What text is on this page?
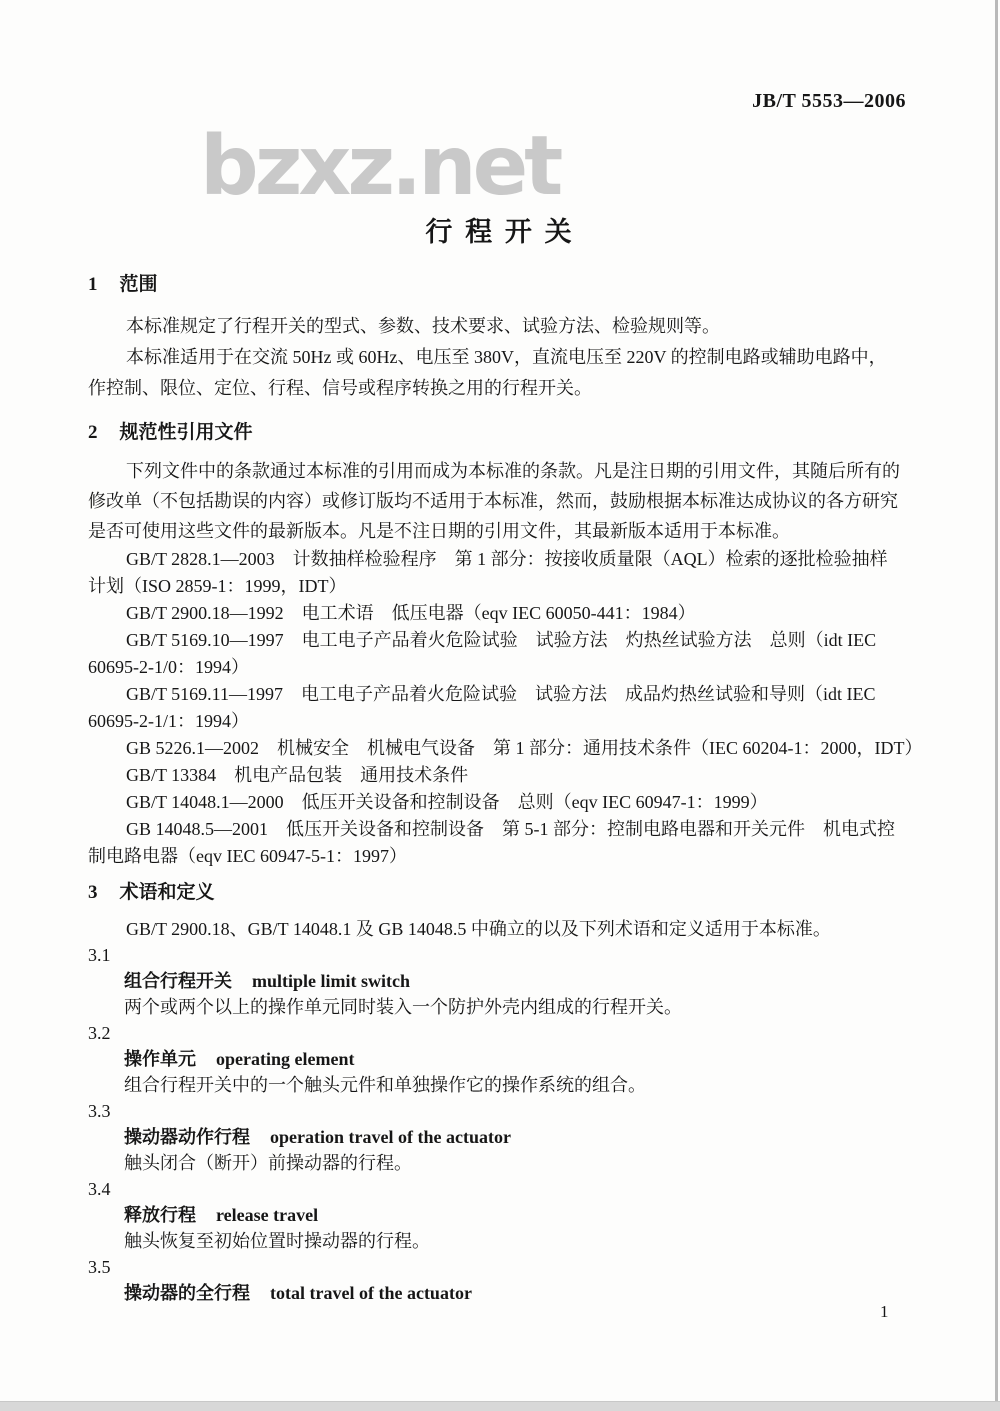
JB/T 5553—2006
bzxz.net
行 程 开 关
1 范围
本标准规定了行程开关的型式、参数、技术要求、试验方法、检验规则等。
本标准适用于在交流 50Hz 或 60Hz、电压至 380V，直流电压至 220V 的控制电路或辅助电路中，
作控制、限位、定位、行程、信号或程序转换之用的行程开关。
2 规范性引用文件
下列文件中的条款通过本标准的引用而成为本标准的条款。凡是注日期的引用文件，其随后所有的
修改单（不包括勘误的内容）或修订版均不适用于本标准，然而，鼓励根据本标准达成协议的各方研究
是否可使用这些文件的最新版本。凡是不注日期的引用文件，其最新版本适用于本标准。
GB/T 2828.1—2003　计数抽样检验程序　第 1 部分：按接收质量限（AQL）检索的逐批检验抽样
计划（ISO 2859-1：1999，IDT）
GB/T 2900.18—1992　电工术语　低压电器（eqv IEC 60050-441：1984）
GB/T 5169.10—1997　电工电子产品着火危险试验　试验方法　灼热丝试验方法　总则（idt IEC
60695-2-1/0：1994）
GB/T 5169.11—1997　电工电子产品着火危险试验　试验方法　成品灼热丝试验和导则（idt IEC
60695-2-1/1：1994）
GB 5226.1—2002　机械安全　机械电气设备　第 1 部分：通用技术条件（IEC 60204-1：2000，IDT）
GB/T 13384　机电产品包装　通用技术条件
GB/T 14048.1—2000　低压开关设备和控制设备　总则（eqv IEC 60947-1：1999）
GB 14048.5—2001　低压开关设备和控制设备　第 5-1 部分：控制电路电器和开关元件　机电式控
制电路电器（eqv IEC 60947-5-1：1997）
3 术语和定义
GB/T 2900.18、GB/T 14048.1 及 GB 14048.5 中确立的以及下列术语和定义适用于本标准。
3.1
组合行程开关 multiple limit switch
两个或两个以上的操作单元同时装入一个防护外壳内组成的行程开关。
3.2
操作单元 operating element
组合行程开关中的一个触头元件和单独操作它的操作系统的组合。
3.3
操动器动作行程 operation travel of the actuator
触头闭合（断开）前操动器的行程。
3.4
释放行程 release travel
触头恢复至初始位置时操动器的行程。
3.5
操动器的全行程 total travel of the actuator
1
